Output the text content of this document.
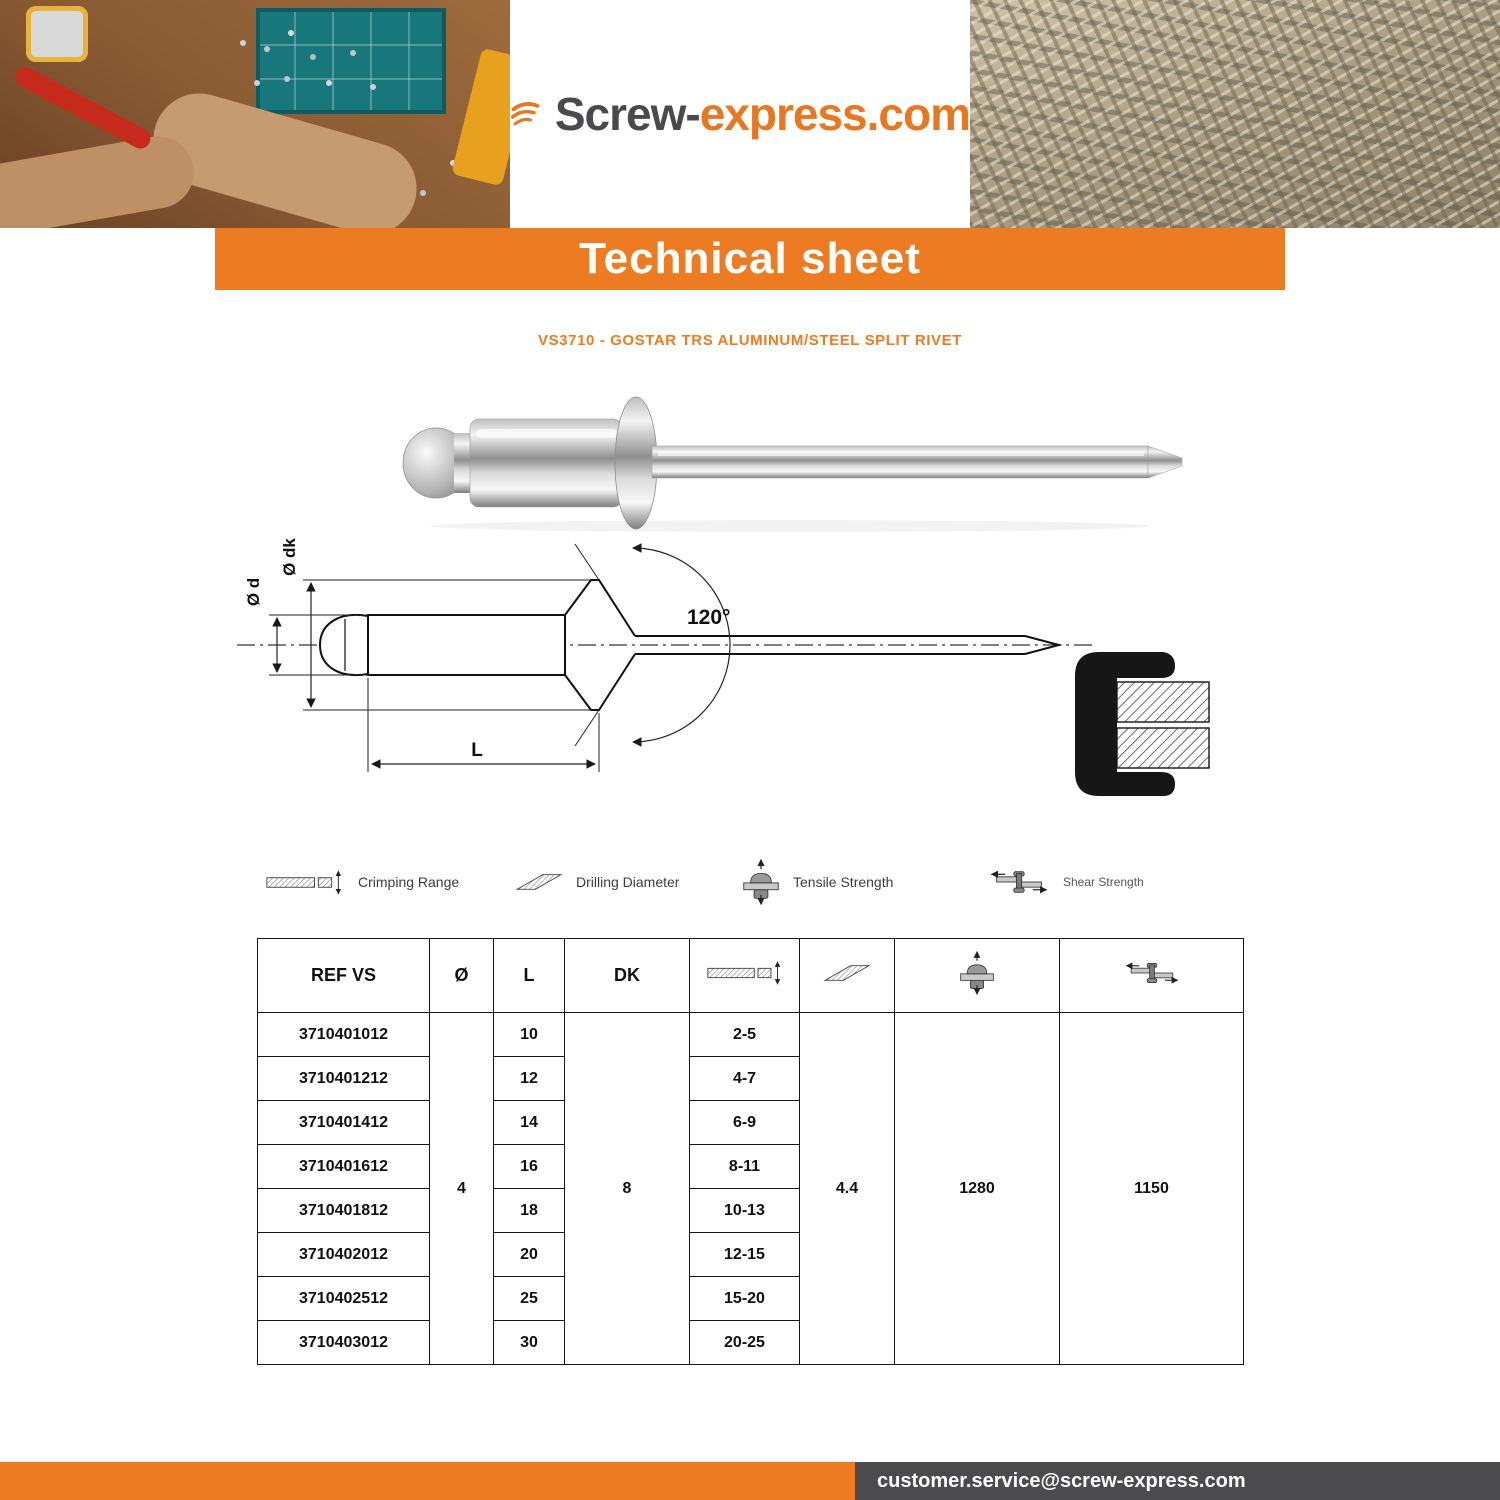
Screw-express.com
Technical sheet
VS3710 - GOSTAR TRS ALUMINUM/STEEL SPLIT RIVET
Ø d
Ø dk
120°
L
Crimping Range	Drilling Diameter	Tensile Strength	Shear Strength
REF VS	Ø	L	DK				
3710401012	4	10	8	2-5	4.4	1280	1150
3710401212		12		4-7			
3710401412		14		6-9			
3710401612		16		8-11			
3710401812		18		10-13			
3710402012		20		12-15			
3710402512		25		15-20			
3710403012		30		20-25			
customer.service@screw-express.com
